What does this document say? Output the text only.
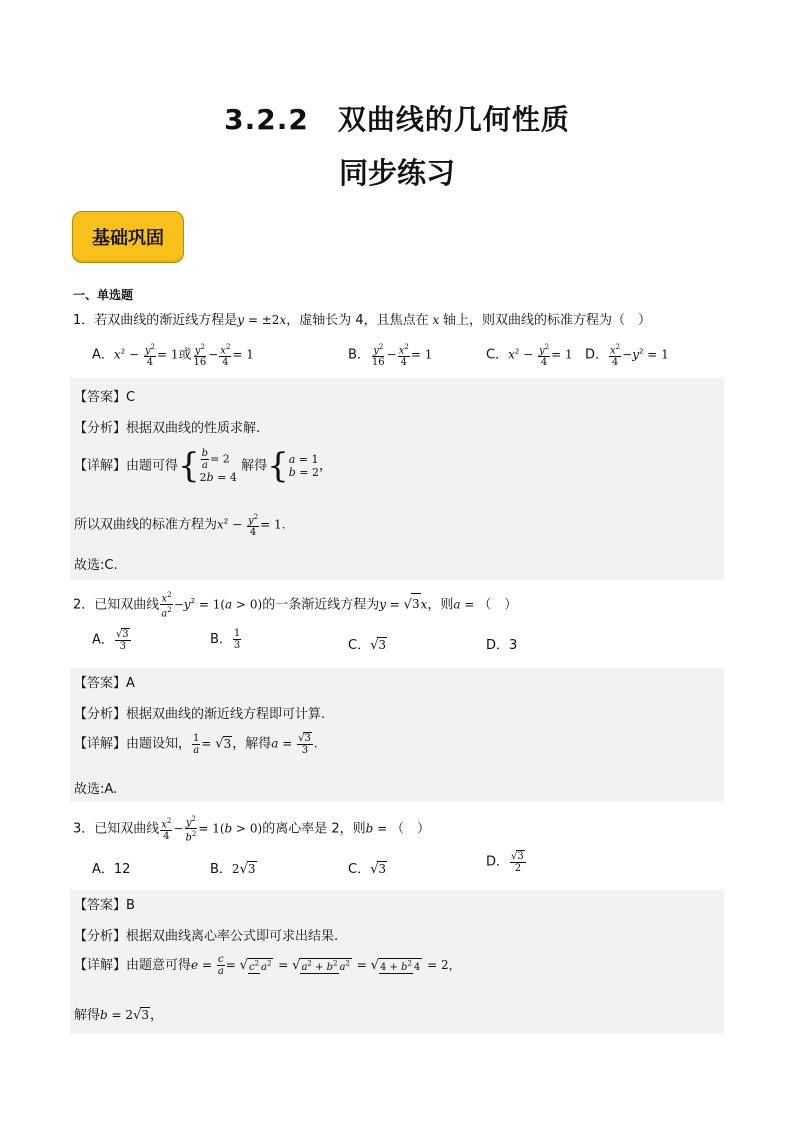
3.2.2　双曲线的几何性质
同步练习
基础巩固
一、单选题
1．若双曲线的渐近线方程是y = ±2x，虚轴长为 4，且焦点在 x 轴上，则双曲线的标准方程为（　）
A．$x^2 - \frac{y^2}{4} = 1$或 $\frac{y^2}{16} - \frac{x^2}{4} = 1$	B． $\frac{y^2}{16} - \frac{x^2}{4} = 1$	C．$x^2 - \frac{y^2}{4} = 1$ D． $\frac{x^2}{4} -y^2 = 1$
【答案】C
【分析】根据双曲线的性质求解.
【详解】由题可得{ $\frac{b}{a} = 2$
2b = 4
解得{ a = 1
b = 2 ，
所以双曲线的标准方程为$x^2 - \frac{y^2}{4} = 1$.
故选:C.
2．已知双曲线 $\frac{x^2}{a^2} -y^2 = 1(a > 0)$的一条渐近线方程为y = √3x，则a = （　）
A． $\frac{√3}{3}$	B． $\frac{1}{3}$	C．√3	D．3
【答案】A
【分析】根据双曲线的渐近线方程即可计算.
【详解】由题设知， $\frac{1}{a} = √3$，解得$a = \frac{√3}{3}$ .
故选:A.
3．已知双曲线 $\frac{x^2}{4} - \frac{y^2}{b^2} = 1(b > 0)$的离心率是 2，则b = （　）
A．12	B．2√3	C．√3	D． $\frac{√3}{2}$
【答案】B
【分析】根据双曲线离心率公式即可求出结果.
【详解】由题意可得$e = \frac{c}{a} = √c^2$ $a^2 = √a^2 + b^2$ $a^2 = √4 + b^2$ 4 = 2，
解得b = 2√3，
